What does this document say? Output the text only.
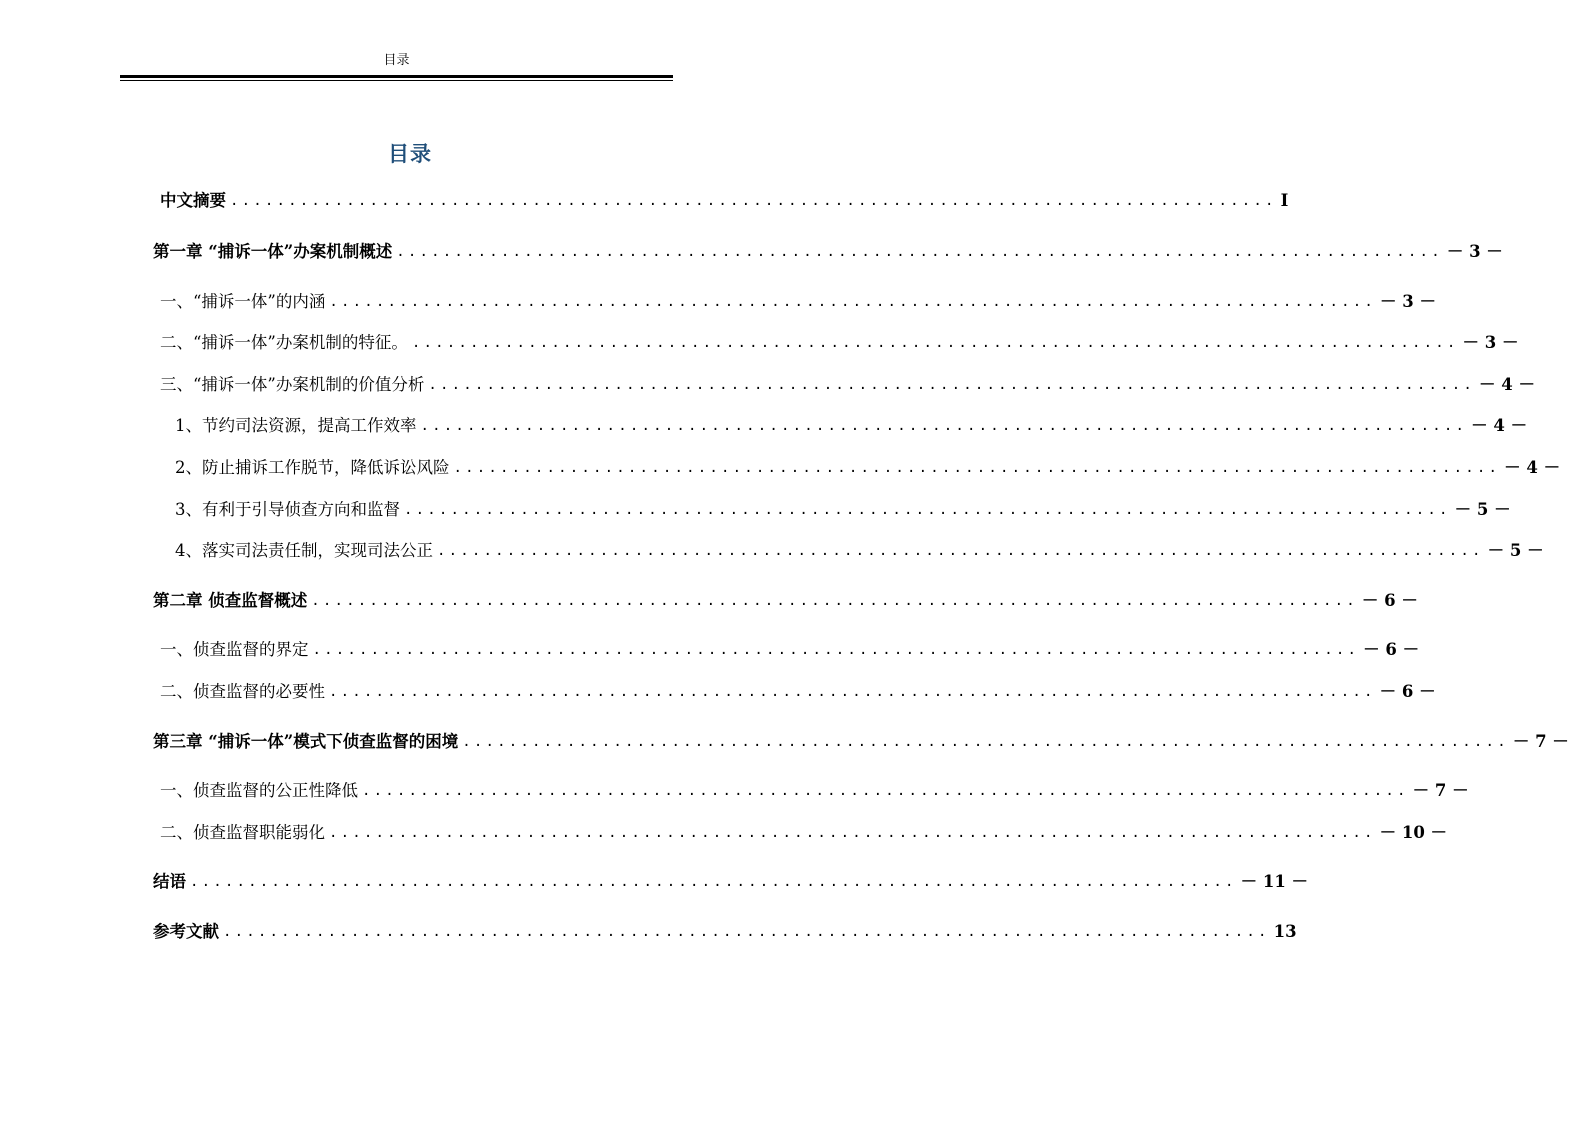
目录
目录
中文摘要 .......................................................................................... I
第一章 “捕诉一体”办案机制概述 .......................................................................................... － 3 －
一、“捕诉一体”的内涵 .......................................................................................... － 3 －
二、“捕诉一体”办案机制的特征。 .......................................................................................... － 3 －
三、“捕诉一体”办案机制的价值分析 .......................................................................................... － 4 －
1、节约司法资源，提高工作效率 .......................................................................................... － 4 －
2、防止捕诉工作脱节，降低诉讼风险 .......................................................................................... － 4 －
3、有利于引导侦查方向和监督 .......................................................................................... － 5 －
4、落实司法责任制，实现司法公正 .......................................................................................... － 5 －
第二章 侦查监督概述 .......................................................................................... － 6 －
一、侦查监督的界定 .......................................................................................... － 6 －
二、侦查监督的必要性 .......................................................................................... － 6 －
第三章 “捕诉一体”模式下侦查监督的困境 .......................................................................................... － 7 －
一、侦查监督的公正性降低 .......................................................................................... － 7 －
二、侦查监督职能弱化 .......................................................................................... － 10 －
结语 .......................................................................................... － 11 －
参考文献 .......................................................................................... 13
